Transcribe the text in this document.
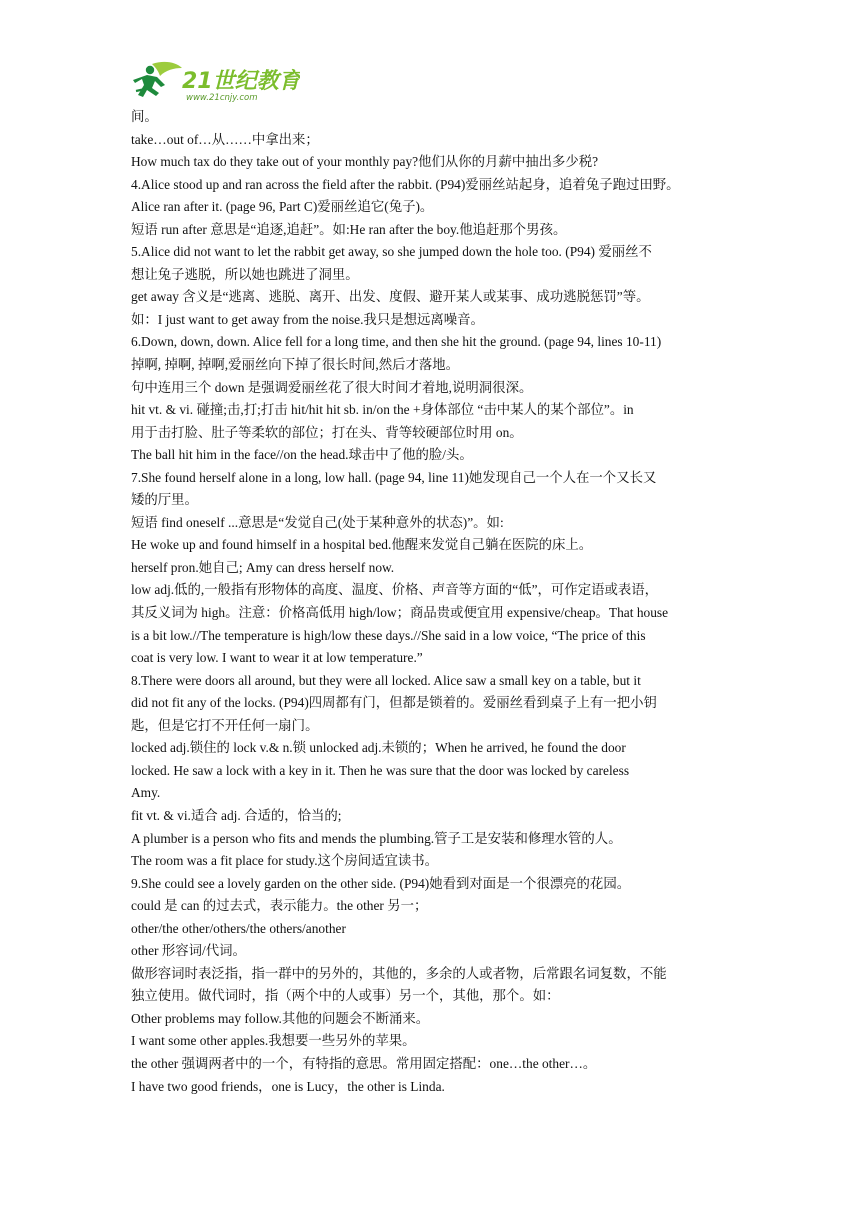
21世纪教育
www.21cnjy.com
间。
take…out of…从……中拿出来；
How much tax do they take out of your monthly pay?他们从你的月薪中抽出多少税?
4.Alice stood up and ran across the field after the rabbit. (P94)爱丽丝站起身，追着兔子跑过田野。
Alice ran after it. (page 96, Part C)爱丽丝追它(兔子)。
短语 run after 意思是“追逐,追赶”。如:He ran after the boy.他追赶那个男孩。
5.Alice did not want to let the rabbit get away, so she jumped down the hole too. (P94) 爱丽丝不
想让兔子逃脱，所以她也跳进了洞里。
get away 含义是“逃离、逃脱、离开、出发、度假、避开某人或某事、成功逃脱惩罚”等。
如：I just want to get away from the noise.我只是想远离噪音。
6.Down, down, down. Alice fell for a long time, and then she hit the ground. (page 94, lines 10-11)
掉啊, 掉啊, 掉啊,爱丽丝向下掉了很长时间,然后才落地。
句中连用三个 down 是强调爱丽丝花了很大时间才着地,说明洞很深。
hit vt. & vi. 碰撞;击,打;打击 hit/hit hit sb. in/on the +身体部位 “击中某人的某个部位”。in
用于击打脸、肚子等柔软的部位；打在头、背等较硬部位时用 on。
The ball hit him in the face//on the head.球击中了他的脸/头。
7.She found herself alone in a long, low hall. (page 94, line 11)她发现自己一个人在一个又长又
矮的厅里。
短语 find oneself ...意思是“发觉自己(处于某种意外的状态)”。如:
He woke up and found himself in a hospital bed.他醒来发觉自己躺在医院的床上。
herself pron.她自己; Amy can dress herself now.
low adj.低的,一般指有形物体的高度、温度、价格、声音等方面的“低”，可作定语或表语，
其反义词为 high。注意：价格高低用 high/low；商品贵或便宜用 expensive/cheap。That house
is a bit low.//The temperature is high/low these days.//She said in a low voice, “The price of this
coat is very low. I want to wear it at low temperature.”
8.There were doors all around, but they were all locked. Alice saw a small key on a table, but it
did not fit any of the locks. (P94)四周都有门，但都是锁着的。爱丽丝看到桌子上有一把小钥
匙，但是它打不开任何一扇门。
locked adj.锁住的 lock v.& n.锁 unlocked adj.未锁的；When he arrived, he found the door
locked. He saw a lock with a key in it. Then he was sure that the door was locked by careless
Amy.
fit vt. & vi.适合 adj. 合适的，恰当的;
A plumber is a person who fits and mends the plumbing.管子工是安装和修理水管的人。
The room was a fit place for study.这个房间适宜读书。
9.She could see a lovely garden on the other side. (P94)她看到对面是一个很漂亮的花园。
could 是 can 的过去式，表示能力。the other 另一；
other/the other/others/the others/another
other 形容词/代词。
做形容词时表泛指，指一群中的另外的，其他的，多余的人或者物，后常跟名词复数，不能
独立使用。做代词时，指（两个中的人或事）另一个，其他，那个。如：
Other problems may follow.其他的问题会不断涌来。
I want some other apples.我想要一些另外的苹果。
the other 强调两者中的一个，有特指的意思。常用固定搭配：one…the other…。
I have two good friends，one is Lucy，the other is Linda.
